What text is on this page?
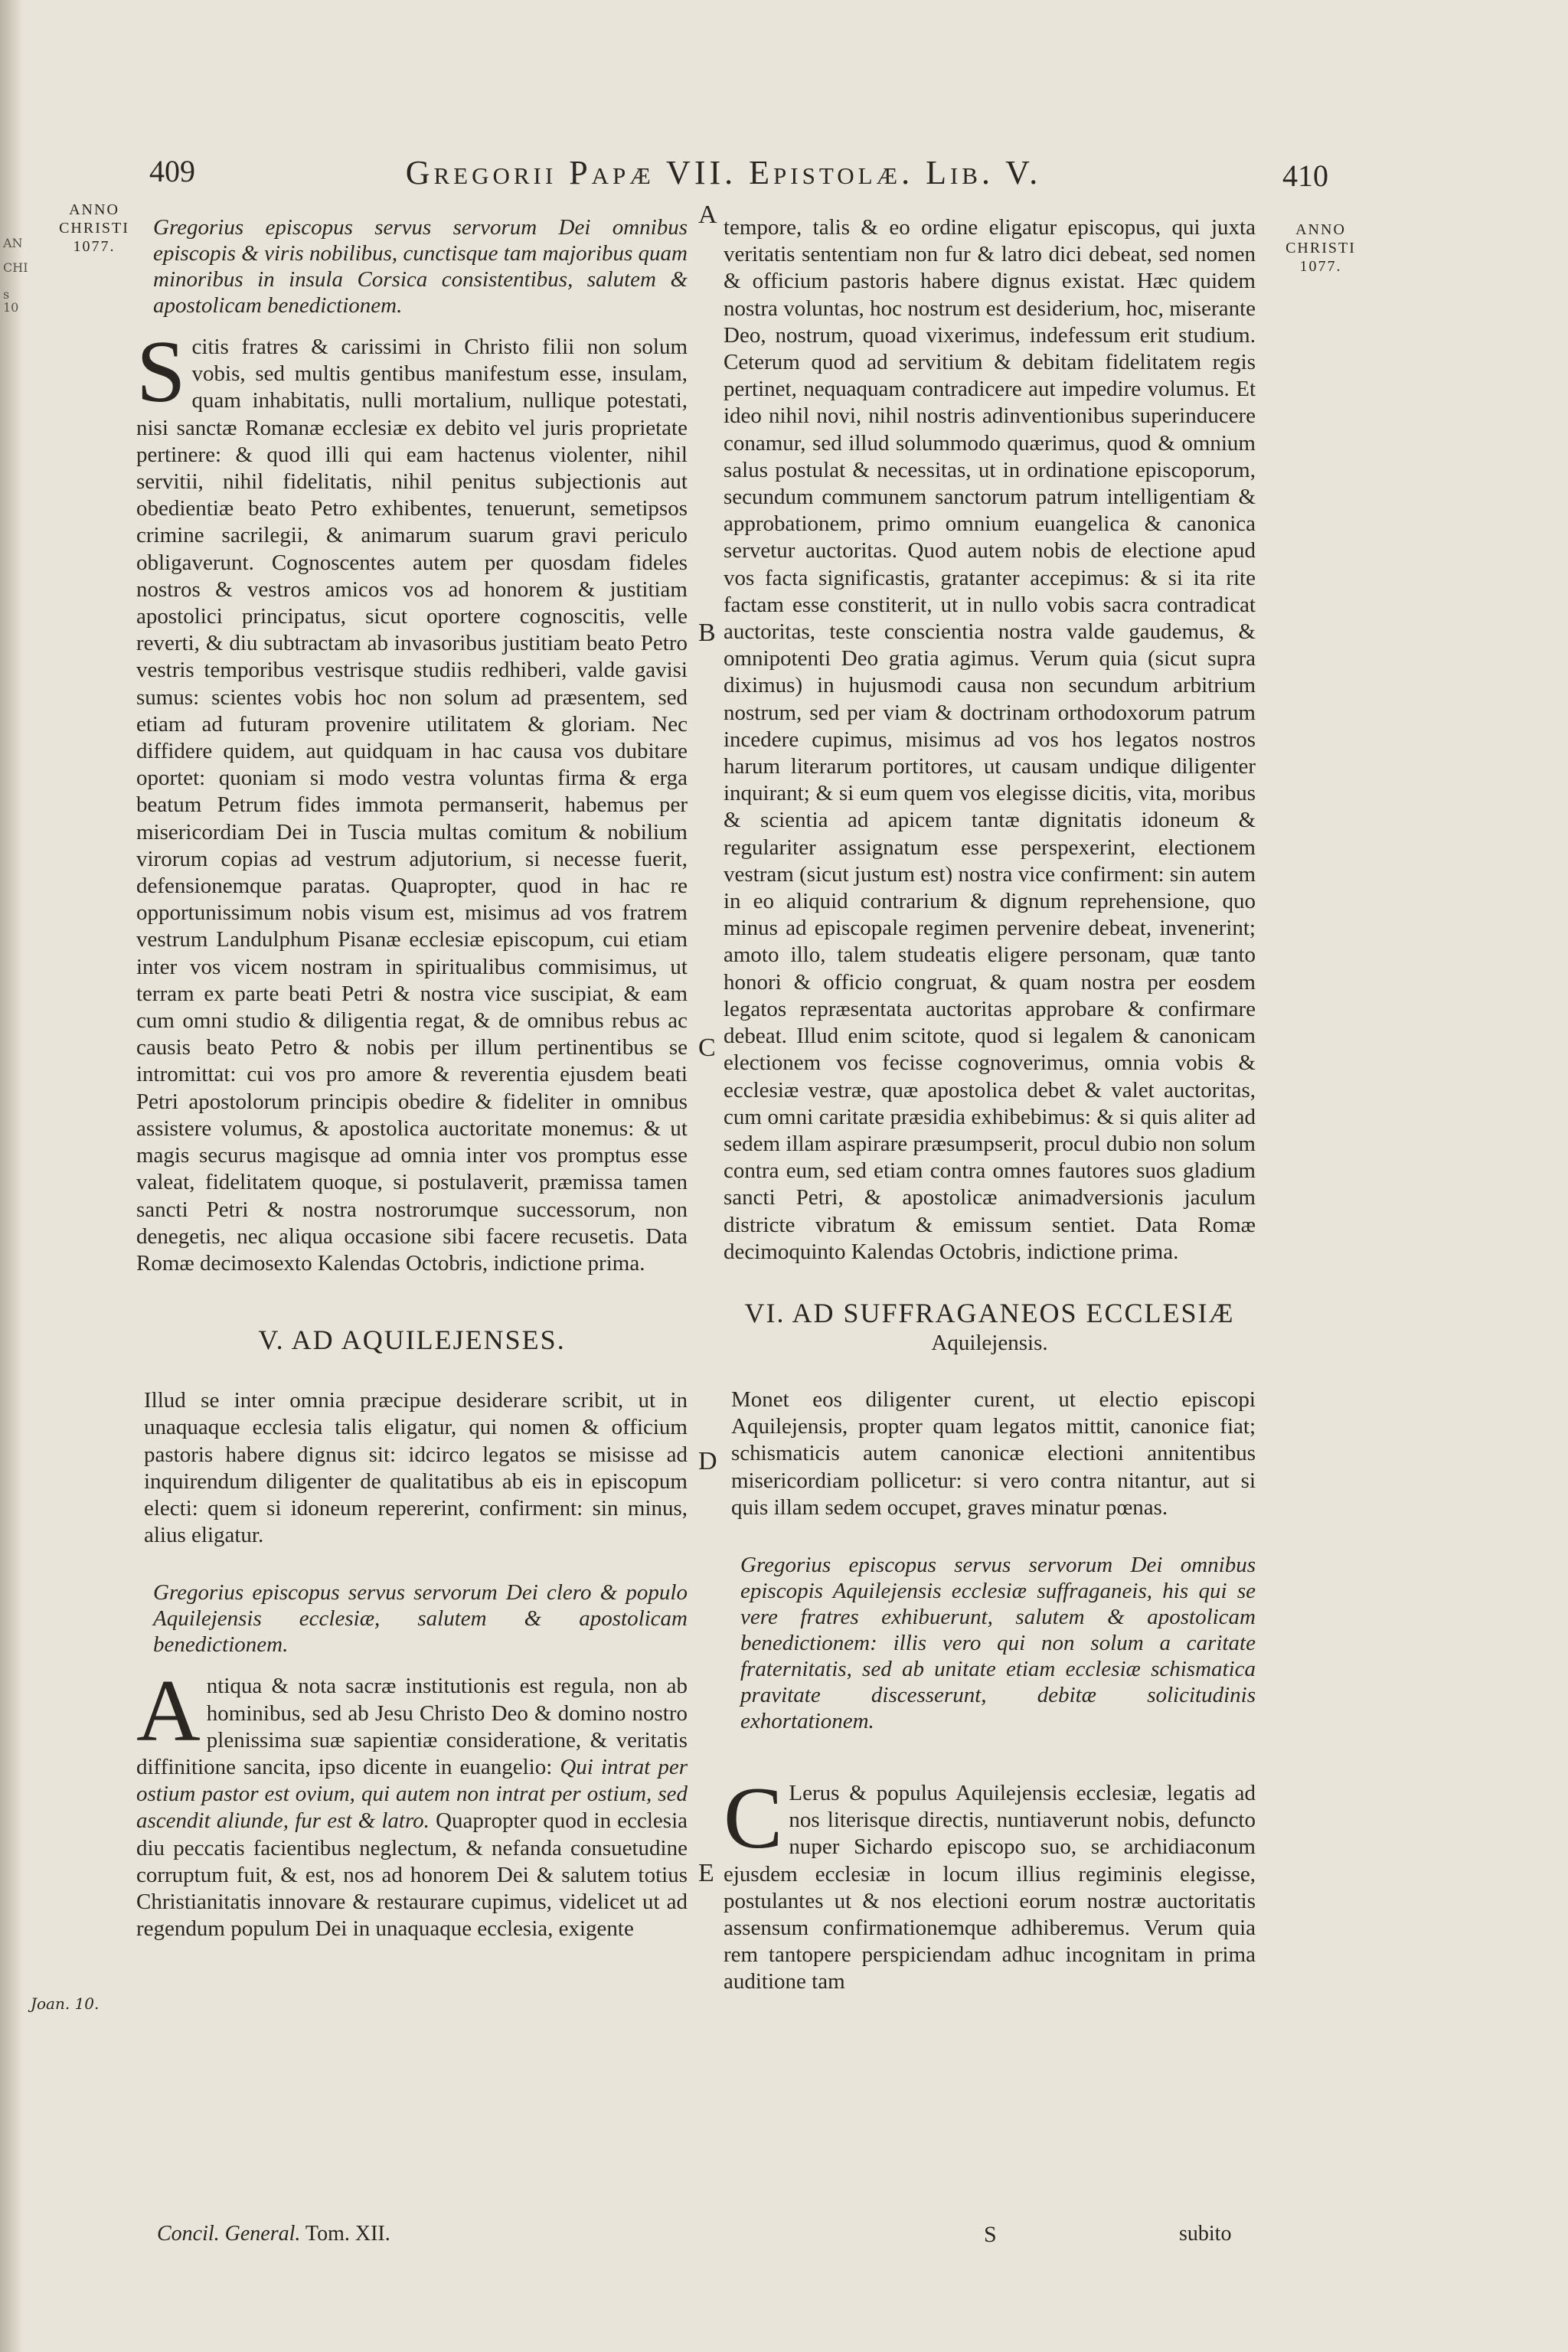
409	Gregorii Papæ VII. Epistolæ. Lib. V.	410
ANNO
CHRISTI
1077.
ANNO
CHRISTI
1077.
AN
CHI
s
10
Joan. 10.
A
B
C
D
E

Gregorius episcopus servus servorum Dei omnibus episcopis & viris nobilibus, cunctisque tam majoribus quam minoribus in insula Corsica consistentibus, salutem & apostolicam benedictionem.

S citis fratres & carissimi in Christo filii non solum vobis, sed multis gentibus manifestum esse, insulam, quam inhabitatis, nulli mortalium, nullique potestati, nisi sanctæ Romanæ ecclesiæ ex debito vel juris proprietate pertinere: & quod illi qui eam hactenus violenter, nihil servitii, nihil fidelitatis, nihil penitus subjectionis aut obedientiæ beato Petro exhibentes, tenuerunt, semetipsos crimine sacrilegii, & animarum suarum gravi periculo obligaverunt. Cognoscentes autem per quosdam fideles nostros & vestros amicos vos ad honorem & justitiam apostolici principatus, sicut oportere cognoscitis, velle reverti, & diu subtractam ab invasoribus justitiam beato Petro vestris temporibus vestrisque studiis redhiberi, valde gavisi sumus: scientes vobis hoc non solum ad præsentem, sed etiam ad futuram provenire utilitatem & gloriam. Nec diffidere quidem, aut quidquam in hac causa vos dubitare oportet: quoniam si modo vestra voluntas firma & erga beatum Petrum fides immota permanserit, habemus per misericordiam Dei in Tuscia multas comitum & nobilium virorum copias ad vestrum adjutorium, si necesse fuerit, defensionemque paratas. Quapropter, quod in hac re opportunissimum nobis visum est, misimus ad vos fratrem vestrum Landulphum Pisanæ ecclesiæ episcopum, cui etiam inter vos vicem nostram in spiritualibus commisimus, ut terram ex parte beati Petri & nostra vice suscipiat, & eam cum omni studio & diligentia regat, & de omnibus rebus ac causis beato Petro & nobis per illum pertinentibus se intromittat: cui vos pro amore & reverentia ejusdem beati Petri apostolorum principis obedire & fideliter in omnibus assistere volumus, & apostolica auctoritate monemus: & ut magis securus magisque ad omnia inter vos promptus esse valeat, fidelitatem quoque, si postulaverit, præmissa tamen sancti Petri & nostra nostrorumque successorum, non denegetis, nec aliqua occasione sibi facere recusetis. Data Romæ decimosexto Kalendas Octobris, indictione prima.

V. AD AQUILEJENSES.

Illud se inter omnia præcipue desiderare scribit, ut in unaquaque ecclesia talis eligatur, qui nomen & officium pastoris habere dignus sit: idcirco legatos se misisse ad inquirendum diligenter de qualitatibus ab eis in episcopum electi: quem si idoneum repererint, confirment: sin minus, alius eligatur.

Gregorius episcopus servus servorum Dei clero & populo Aquilejensis ecclesiæ, salutem & apostolicam benedictionem.

A ntiqua & nota sacræ institutionis est regula, non ab hominibus, sed ab Jesu Christo Deo & domino nostro plenissima suæ sapientiæ consideratione, & veritatis diffinitione sancita, ipso dicente in euangelio: Qui intrat per ostium pastor est ovium, qui autem non intrat per ostium, sed ascendit aliunde, fur est & latro. Quapropter quod in ecclesia diu peccatis facientibus neglectum, & nefanda consuetudine corruptum fuit, & est, nos ad honorem Dei & salutem totius Christianitatis innovare & restaurare cupimus, videlicet ut ad regendum populum Dei in unaquaque ecclesia, exigente

tempore, talis & eo ordine eligatur episcopus, qui juxta veritatis sententiam non fur & latro dici debeat, sed nomen & officium pastoris habere dignus existat. Hæc quidem nostra voluntas, hoc nostrum est desiderium, hoc, miserante Deo, nostrum, quoad vixerimus, indefessum erit studium. Ceterum quod ad servitium & debitam fidelitatem regis pertinet, nequaquam contradicere aut impedire volumus. Et ideo nihil novi, nihil nostris adinventionibus superinducere conamur, sed illud solummodo quærimus, quod & omnium salus postulat & necessitas, ut in ordinatione episcoporum, secundum communem sanctorum patrum intelligentiam & approbationem, primo omnium euangelica & canonica servetur auctoritas. Quod autem nobis de electione apud vos facta significastis, gratanter accepimus: & si ita rite factam esse constiterit, ut in nullo vobis sacra contradicat auctoritas, teste conscientia nostra valde gaudemus, & omnipotenti Deo gratia agimus. Verum quia (sicut supra diximus) in hujusmodi causa non secundum arbitrium nostrum, sed per viam & doctrinam orthodoxorum patrum incedere cupimus, misimus ad vos hos legatos nostros harum literarum portitores, ut causam undique diligenter inquirant; & si eum quem vos elegisse dicitis, vita, moribus & scientia ad apicem tantæ dignitatis idoneum & regulariter assignatum esse perspexerint, electionem vestram (sicut justum est) nostra vice confirment: sin autem in eo aliquid contrarium & dignum reprehensione, quo minus ad episcopale regimen pervenire debeat, invenerint; amoto illo, talem studeatis eligere personam, quæ tanto honori & officio congruat, & quam nostra per eosdem legatos repræsentata auctoritas approbare & confirmare debeat. Illud enim scitote, quod si legalem & canonicam electionem vos fecisse cognoverimus, omnia vobis & ecclesiæ vestræ, quæ apostolica debet & valet auctoritas, cum omni caritate præsidia exhibebimus: & si quis aliter ad sedem illam aspirare præsumpserit, procul dubio non solum contra eum, sed etiam contra omnes fautores suos gladium sancti Petri, & apostolicæ animadversionis jaculum districte vibratum & emissum sentiet. Data Romæ decimoquinto Kalendas Octobris, indictione prima.

VI. AD SUFFRAGANEOS ECCLESIÆ

Aquilejensis.

Monet eos diligenter curent, ut electio episcopi Aquilejensis, propter quam legatos mittit, canonice fiat; schismaticis autem canonicæ electioni annitentibus misericordiam pollicetur: si vero contra nitantur, aut si quis illam sedem occupet, graves minatur pœnas.

Gregorius episcopus servus servorum Dei omnibus episcopis Aquilejensis ecclesiæ suffraganeis, his qui se vere fratres exhibuerunt, salutem & apostolicam benedictionem: illis vero qui non solum a caritate fraternitatis, sed ab unitate etiam ecclesiæ schismatica pravitate discesserunt, debitæ solicitudinis exhortationem.

C Lerus & populus Aquilejensis ecclesiæ, legatis ad nos literisque directis, nuntiaverunt nobis, defuncto nuper Sichardo episcopo suo, se archidiaconum ejusdem ecclesiæ in locum illius regiminis elegisse, postulantes ut & nos electioni eorum nostræ auctoritatis assensum confirmationemque adhiberemus. Verum quia rem tantopere perspiciendam adhuc incognitam in prima auditione tam

Concil. General. Tom. XII.	S	subito
